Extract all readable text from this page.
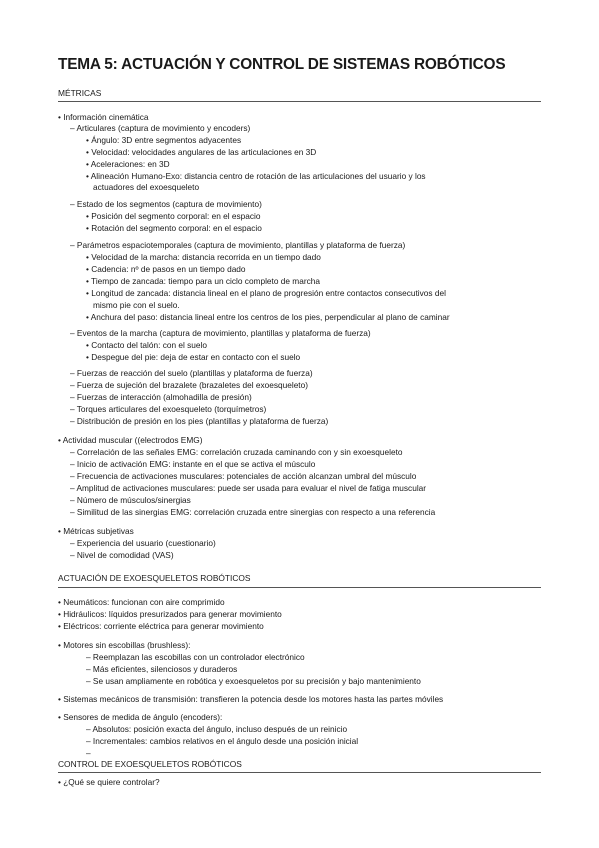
TEMA 5: ACTUACIÓN Y CONTROL DE SISTEMAS ROBÓTICOS
MÉTRICAS
• Información cinemática
– Articulares (captura de movimiento y encoders)
• Ángulo: 3D entre segmentos adyacentes
• Velocidad: velocidades angulares de las articulaciones en 3D
• Aceleraciones: en 3D
• Alineación Humano-Exo: distancia centro de rotación de las articulaciones del usuario y los
actuadores del exoesqueleto
– Estado de los segmentos (captura de movimiento)
• Posición del segmento corporal: en el espacio
• Rotación del segmento corporal: en el espacio
– Parámetros espaciotemporales (captura de movimiento, plantillas y plataforma de fuerza)
• Velocidad de la marcha: distancia recorrida en un tiempo dado
• Cadencia: nº de pasos en un tiempo dado
• Tiempo de zancada: tiempo para un ciclo completo de marcha
• Longitud de zancada: distancia lineal en el plano de progresión entre contactos consecutivos del
mismo pie con el suelo.
• Anchura del paso: distancia lineal entre los centros de los pies, perpendicular al plano de caminar
– Eventos de la marcha (captura de movimiento, plantillas y plataforma de fuerza)
• Contacto del talón: con el suelo
• Despegue del pie: deja de estar en contacto con el suelo
– Fuerzas de reacción del suelo (plantillas y plataforma de fuerza)
– Fuerza de sujeción del brazalete (brazaletes del exoesqueleto)
– Fuerzas de interacción (almohadilla de presión)
– Torques articulares del exoesqueleto (torquímetros)
– Distribución de presión en los pies (plantillas y plataforma de fuerza)
• Actividad muscular ((electrodos EMG)
– Correlación de las señales EMG: correlación cruzada caminando con y sin exoesqueleto
– Inicio de activación EMG: instante en el que se activa el músculo
– Frecuencia de activaciones musculares: potenciales de acción alcanzan umbral del músculo
– Amplitud de activaciones musculares: puede ser usada para evaluar el nivel de fatiga muscular
– Número de músculos/sinergias
– Similitud de las sinergias EMG: correlación cruzada entre sinergias con respecto a una referencia
• Métricas subjetivas
– Experiencia del usuario (cuestionario)
– Nivel de comodidad (VAS)
ACTUACIÓN DE EXOESQUELETOS ROBÓTICOS
• Neumáticos: funcionan con aire comprimido
• Hidráulicos: líquidos presurizados para generar movimiento
• Eléctricos: corriente eléctrica para generar movimiento
• Motores sin escobillas (brushless):
– Reemplazan las escobillas con un controlador electrónico
– Más eficientes, silenciosos y duraderos
– Se usan ampliamente en robótica y exoesqueletos por su precisión y bajo mantenimiento
• Sistemas mecánicos de transmisión: transfieren la potencia desde los motores hasta las partes móviles
• Sensores de medida de ángulo (encoders):
– Absolutos: posición exacta del ángulo, incluso después de un reinicio
– Incrementales: cambios relativos en el ángulo desde una posición inicial
–
CONTROL DE EXOESQUELETOS ROBÓTICOS
• ¿Qué se quiere controlar?
